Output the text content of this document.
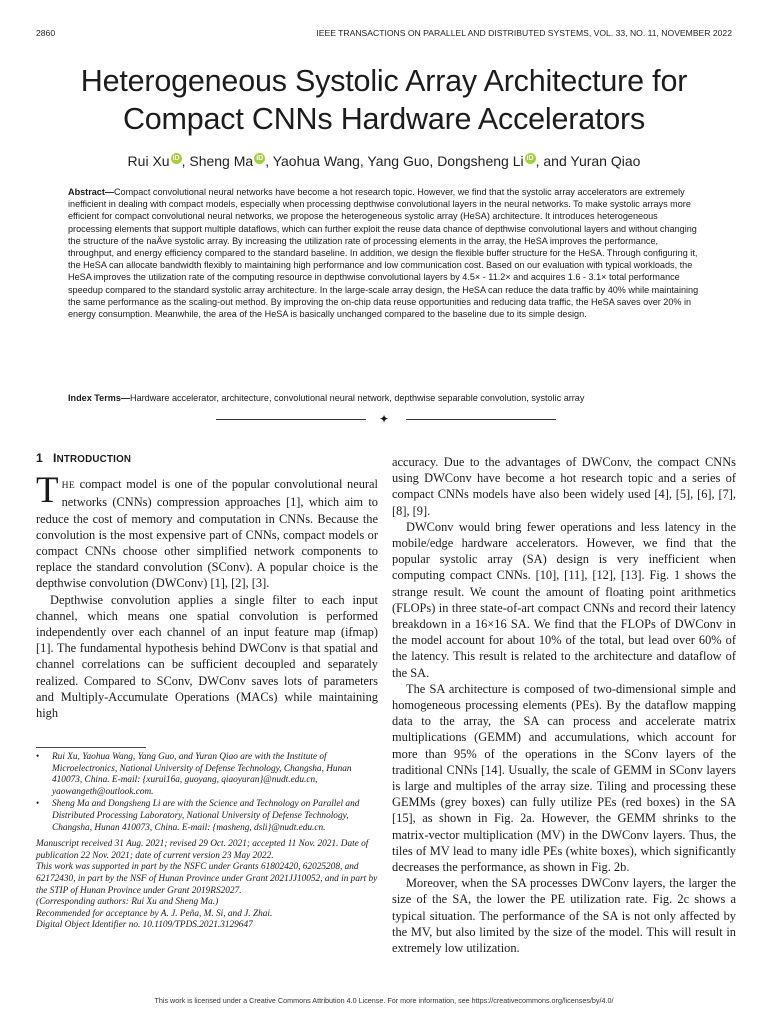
2860	IEEE TRANSACTIONS ON PARALLEL AND DISTRIBUTED SYSTEMS, VOL. 33, NO. 11, NOVEMBER 2022
Heterogeneous Systolic Array Architecture for
Compact CNNs Hardware Accelerators
Rui Xu iD , Sheng Ma iD , Yaohua Wang, Yang Guo, Dongsheng Li iD , and Yuran Qiao
Abstract—Compact convolutional neural networks have become a hot research topic. However, we find that the systolic array accelerators are extremely inefficient in dealing with compact models, especially when processing depthwise convolutional layers in the neural networks. To make systolic arrays more efficient for compact convolutional neural networks, we propose the heterogeneous systolic array (HeSA) architecture. It introduces heterogeneous processing elements that support multiple dataflows, which can further exploit the reuse data chance of depthwise convolutional layers and without changing the structure of the naÄve systolic array. By increasing the utilization rate of processing elements in the array, the HeSA improves the performance, throughput, and energy efficiency compared to the standard baseline. In addition, we design the flexible buffer structure for the HeSA. Through configuring it, the HeSA can allocate bandwidth flexibly to maintaining high performance and low communication cost. Based on our evaluation with typical workloads, the HeSA improves the utilization rate of the computing resource in depthwise convolutional layers by 4.5× - 11.2× and acquires 1.6 - 3.1× total performance speedup compared to the standard systolic array architecture. In the large-scale array design, the HeSA can reduce the data traffic by 40% while maintaining the same performance as the scaling-out method. By improving the on-chip data reuse opportunities and reducing data traffic, the HeSA saves over 20% in energy consumption. Meanwhile, the area of the HeSA is basically unchanged compared to the baseline due to its simple design.
Index Terms—Hardware accelerator, architecture, convolutional neural network, depthwise separable convolution, systolic array
✦
1 INTRODUCTION

THE compact model is one of the popular convolutional neural networks (CNNs) compression approaches [1], which aim to reduce the cost of memory and computation in CNNs. Because the convolution is the most expensive part of CNNs, compact models or compact CNNs choose other simplified network components to replace the standard convolution (SConv). A popular choice is the depthwise convolution (DWConv) [1], [2], [3].

Depthwise convolution applies a single filter to each input channel, which means one spatial convolution is performed independently over each channel of an input feature map (ifmap) [1]. The fundamental hypothesis behind DWConv is that spatial and channel correlations can be sufficient decoupled and separately realized. Compared to SConv, DWConv saves lots of parameters and Multiply-Accumulate Operations (MACs) while maintaining high

• Rui Xu, Yaohua Wang, Yang Guo, and Yuran Qiao are with the Institute of Microelectronics, National University of Defense Technology, Changsha, Hunan 410073, China. E-mail: {xurui16a, guoyang, qiaoyuran}@nudt.edu.cn, yaowangeth@outlook.com.
• Sheng Ma and Dongsheng Li are with the Science and Technology on Parallel and Distributed Processing Laboratory, National University of Defense Technology, Changsha, Hunan 410073, China. E-mail: {masheng, dsli}@nudt.edu.cn.
Manuscript received 31 Aug. 2021; revised 29 Oct. 2021; accepted 11 Nov. 2021. Date of publication 22 Nov. 2021; date of current version 23 May 2022.
This work was supported in part by the NSFC under Grants 61802420, 62025208, and 62172430, in part by the NSF of Hunan Province under Grant 2021JJ10052, and in part by the STIP of Hunan Province under Grant 2019RS2027.
(Corresponding authors: Rui Xu and Sheng Ma.)
Recommended for acceptance by A. J. Peña, M. Si, and J. Zhai.
Digital Object Identifier no. 10.1109/TPDS.2021.3129647

accuracy. Due to the advantages of DWConv, the compact CNNs using DWConv have become a hot research topic and a series of compact CNNs models have also been widely used [4], [5], [6], [7], [8], [9].

DWConv would bring fewer operations and less latency in the mobile/edge hardware accelerators. However, we find that the popular systolic array (SA) design is very inefficient when computing compact CNNs. [10], [11], [12], [13]. Fig. 1 shows the strange result. We count the amount of floating point arithmetics (FLOPs) in three state-of-art compact CNNs and record their latency breakdown in a 16×16 SA. We find that the FLOPs of DWConv in the model account for about 10% of the total, but lead over 60% of the latency. This result is related to the architecture and dataflow of the SA.

The SA architecture is composed of two-dimensional simple and homogeneous processing elements (PEs). By the dataflow mapping data to the array, the SA can process and accelerate matrix multiplications (GEMM) and accumulations, which account for more than 95% of the operations in the SConv layers of the traditional CNNs [14]. Usually, the scale of GEMM in SConv layers is large and multiples of the array size. Tiling and processing these GEMMs (grey boxes) can fully utilize PEs (red boxes) in the SA [15], as shown in Fig. 2a. However, the GEMM shrinks to the matrix-vector multiplication (MV) in the DWConv layers. Thus, the tiles of MV lead to many idle PEs (white boxes), which significantly decreases the performance, as shown in Fig. 2b.

Moreover, when the SA processes DWConv layers, the larger the size of the SA, the lower the PE utilization rate. Fig. 2c shows a typical situation. The performance of the SA is not only affected by the MV, but also limited by the size of the model. This will result in extremely low utilization.

This work is licensed under a Creative Commons Attribution 4.0 License. For more information, see https://creativecommons.org/licenses/by/4.0/
